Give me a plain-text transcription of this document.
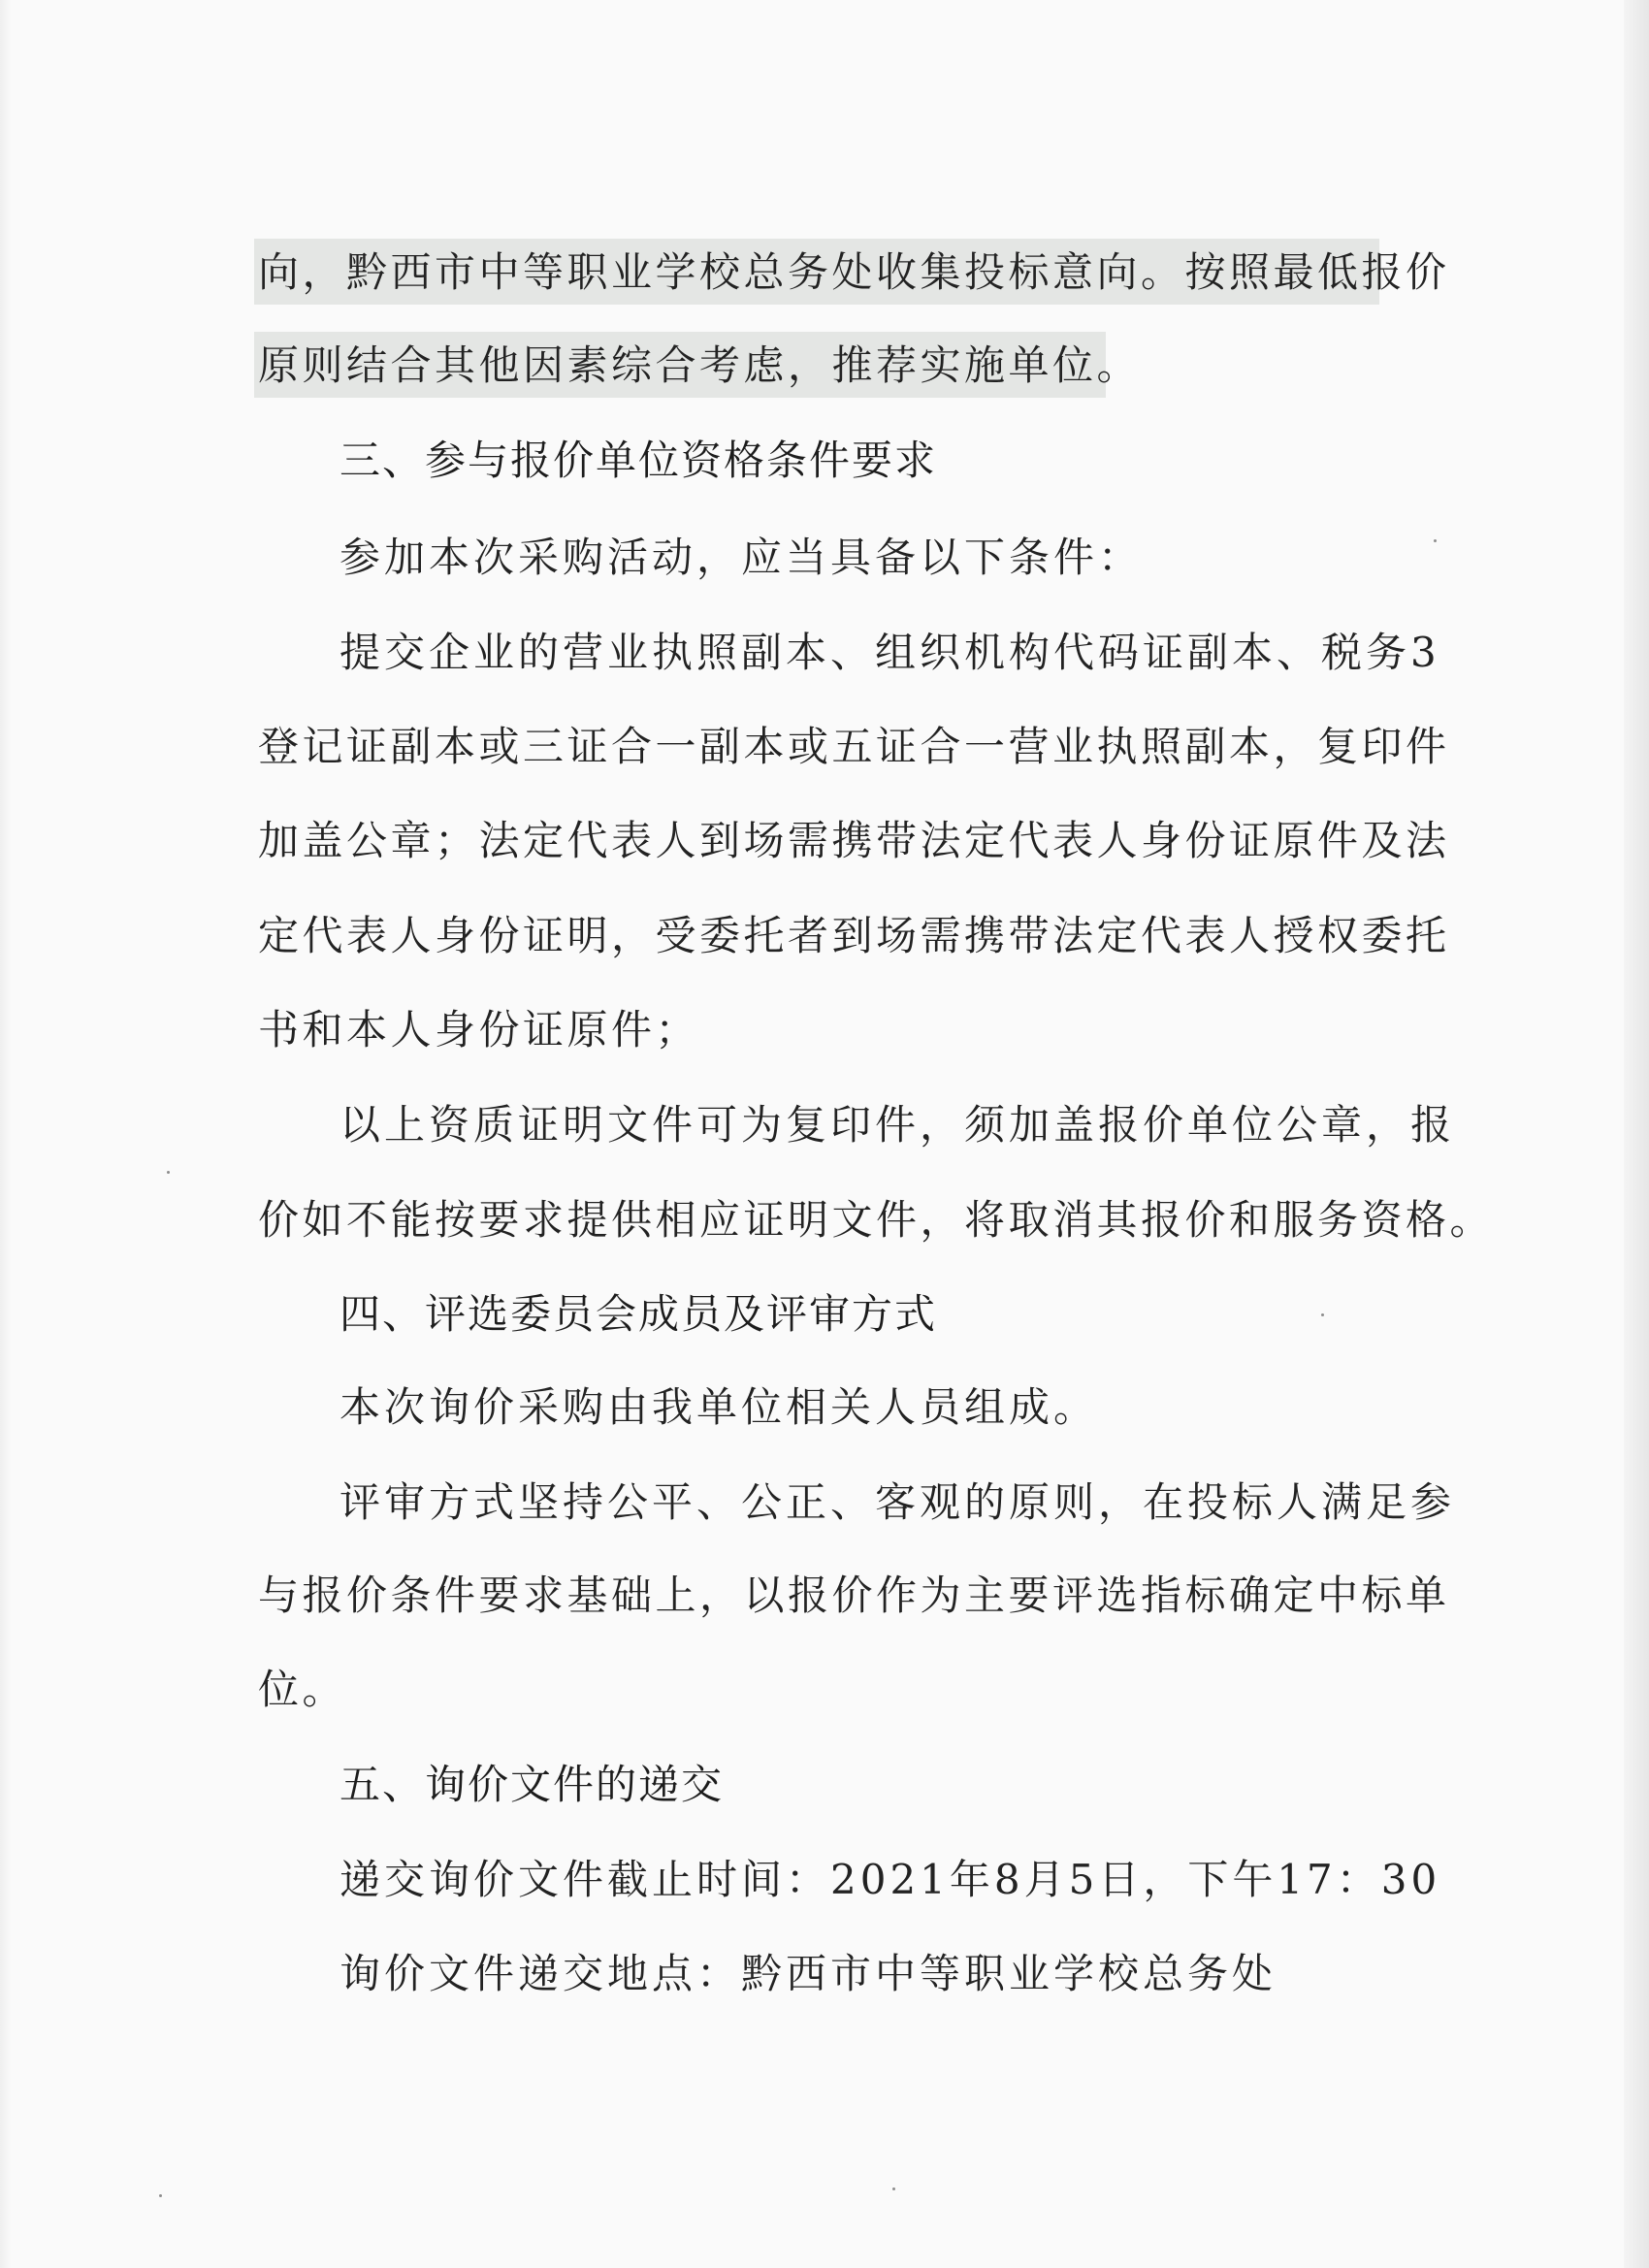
向，黔西市中等职业学校总务处收集投标意向。按照最低报价
原则结合其他因素综合考虑，推荐实施单位。
三、参与报价单位资格条件要求
参加本次采购活动，应当具备以下条件：
提交企业的营业执照副本、组织机构代码证副本、税务3
登记证副本或三证合一副本或五证合一营业执照副本，复印件
加盖公章；法定代表人到场需携带法定代表人身份证原件及法
定代表人身份证明，受委托者到场需携带法定代表人授权委托
书和本人身份证原件；
以上资质证明文件可为复印件，须加盖报价单位公章，报
价如不能按要求提供相应证明文件，将取消其报价和服务资格。
四、评选委员会成员及评审方式
本次询价采购由我单位相关人员组成。
评审方式坚持公平、公正、客观的原则，在投标人满足参
与报价条件要求基础上，以报价作为主要评选指标确定中标单
位。
五、询价文件的递交
递交询价文件截止时间：2021年8月5日，下午17：30
询价文件递交地点：黔西市中等职业学校总务处
